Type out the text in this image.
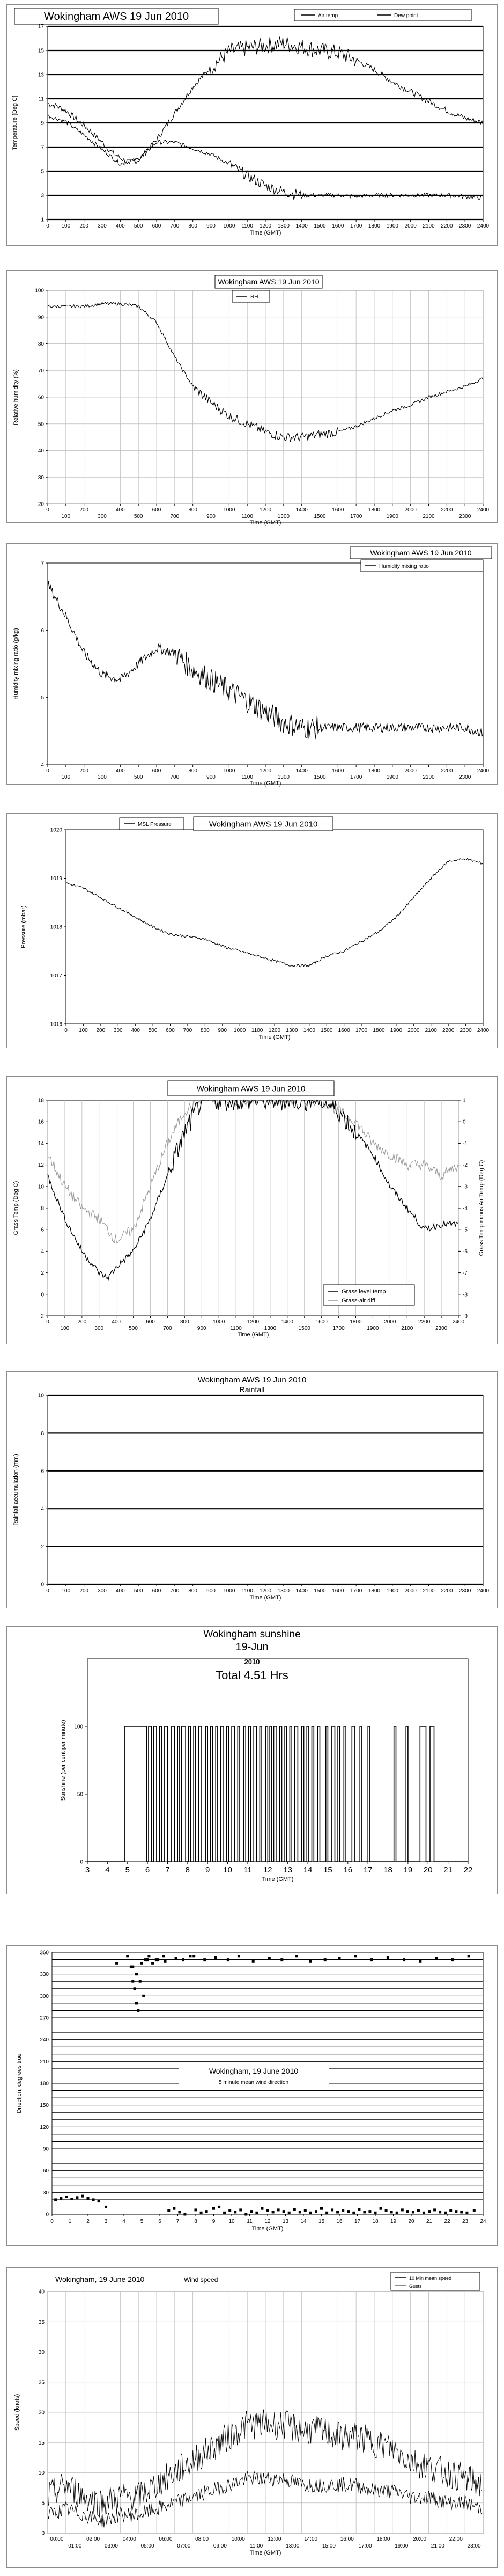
1
3
5
7
9
11
13
15
17
0 100 200 300 400 500 600 700 800 900 1000 1100 1200 1300 1400 1500 1600 1700 1800 1900 2000 2100 2200 2300 2400
Time (GMT)
Temperature [Deg C]
Wokingham AWS 19 Jun 2010	Air temp	Dew point
20
30
40
50
60
70
80
90
100
0
100
200
300
400
500
600
700
800
900
1000
1100
1200
1300
1400
1500
1600
1700
1800
1900
2000
2100
2200
2300
2400
Time (GMT)
Relative humidity (%)
Wokingham AWS 19 Jun 2010
RH
4
5
6
7
0
100
200
300
400
500
600
700
800
900
1000
1100
1200
1300
1400
1500
1600
1700
1800
1900
2000
2100
2200
2300
2400
Time (GMT)
Humidity mixing ratio (g/kg)
Wokingham AWS 19 Jun 2010
Humidity mixing ratio
1016
1017
1018
1019
1020
0 100 200 300 400 500 600 700 800 900 1000 1100 1200 1300 1400 1500 1600 1700 1800 1900 2000 2100 2200 2300 2400
Time (GMT)
Pressure (mbar)
MSL Pressure	Wokingham AWS 19 Jun 2010
-2
0
2
4
6
8
10
12
14
16
18
0
100
200
300
400
500
600
700
800
900
1000
1100
1200
1300
1400
1500
1600
1700
1800
1900
2000
2100
2200
2300
2400
Time (GMT)
Grass Temp (Deg C)
-9
-8
-7
-6
-5
-4
-3
-2
-1
0
1
Grass Temp minus Air Temp (Deg C)
Wokingham AWS 19 Jun 2010
Grass level temp
Grass-air diff
0
2
4
6
8
10
0 100 200 300 400 500 600 700 800 900 1000 1100 1200 1300 1400 1500 1600 1700 1800 1900 2000 2100 2200 2300 2400
Time (GMT)
Rainfall accumulation (mm)
Wokingham AWS 19 Jun 2010
Rainfall
0
50
100
3 4 5 6 7 8 9 10 11 12 13 14 15 16 17 18 19 20 21 22
Time (GMT)
Sunshine (per cent per minute)
Wokingham sunshine
19-Jun
2010
Total 4.51 Hrs
0
30
60
90
120
150
180
210
240
270
300
330
360
0	1	2	3	4	5	6	7	8	9	10 11 12 13 14 15 16 17 18 19 20 21 22 23 24
Time (GMT)
Direction, degrees true	Wokingham, 19 June 2010
5 minute mean wind direction
0
5
10
15
20
25
30
35
40
00:00	02:00	04:00	06:00	08:00	10:00	12:00	14:00	16:00	18:00	20:00	22:00
01:00	03:00	05:00	07:00	09:00	11:00	13:00	15:00	17:00	19:00	21:00	23:00
Time (GMT)
Speed (knots)
Wokingham, 19 June 2010	Wind speed	10 Min mean speed
Gusts
